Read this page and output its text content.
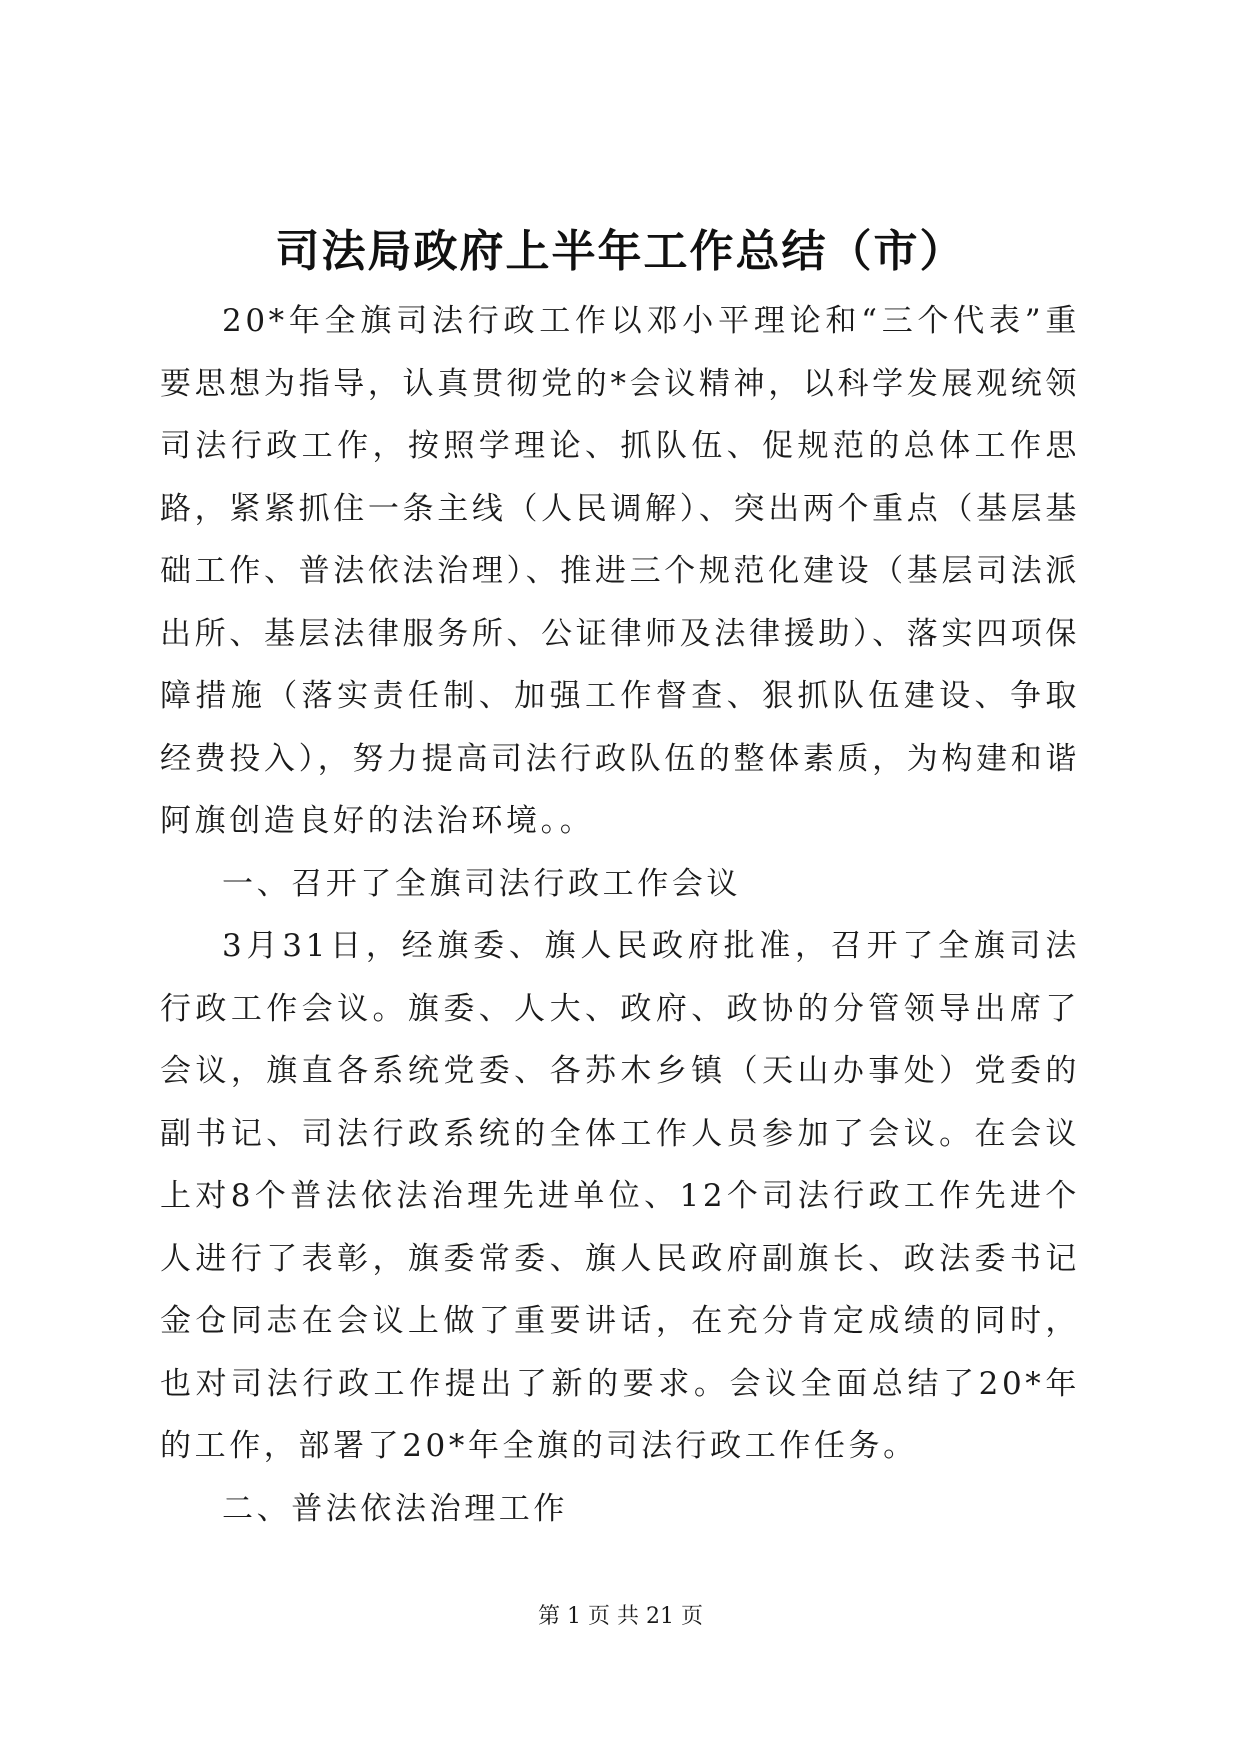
司法局政府上半年工作总结（市）

20*年全旗司法行政工作以邓小平理论和“三个代表”重要思想为指导，认真贯彻党的*会议精神，以科学发展观统领司法行政工作，按照学理论、抓队伍、促规范的总体工作思路，紧紧抓住一条主线（人民调解）、突出两个重点（基层基础工作、普法依法治理）、推进三个规范化建设（基层司法派出所、基层法律服务所、公证律师及法律援助）、落实四项保障措施（落实责任制、加强工作督查、狠抓队伍建设、争取经费投入），努力提高司法行政队伍的整体素质，为构建和谐阿旗创造良好的法治环境。。

一、召开了全旗司法行政工作会议

3月31日，经旗委、旗人民政府批准，召开了全旗司法行政工作会议。旗委、人大、政府、政协的分管领导出席了会议，旗直各系统党委、各苏木乡镇（天山办事处）党委的副书记、司法行政系统的全体工作人员参加了会议。在会议上对8个普法依法治理先进单位、12个司法行政工作先进个人进行了表彰，旗委常委、旗人民政府副旗长、政法委书记金仓同志在会议上做了重要讲话，在充分肯定成绩的同时，也对司法行政工作提出了新的要求。会议全面总结了20*年的工作，部署了20*年全旗的司法行政工作任务。

二、普法依法治理工作

第 1 页 共 21 页
